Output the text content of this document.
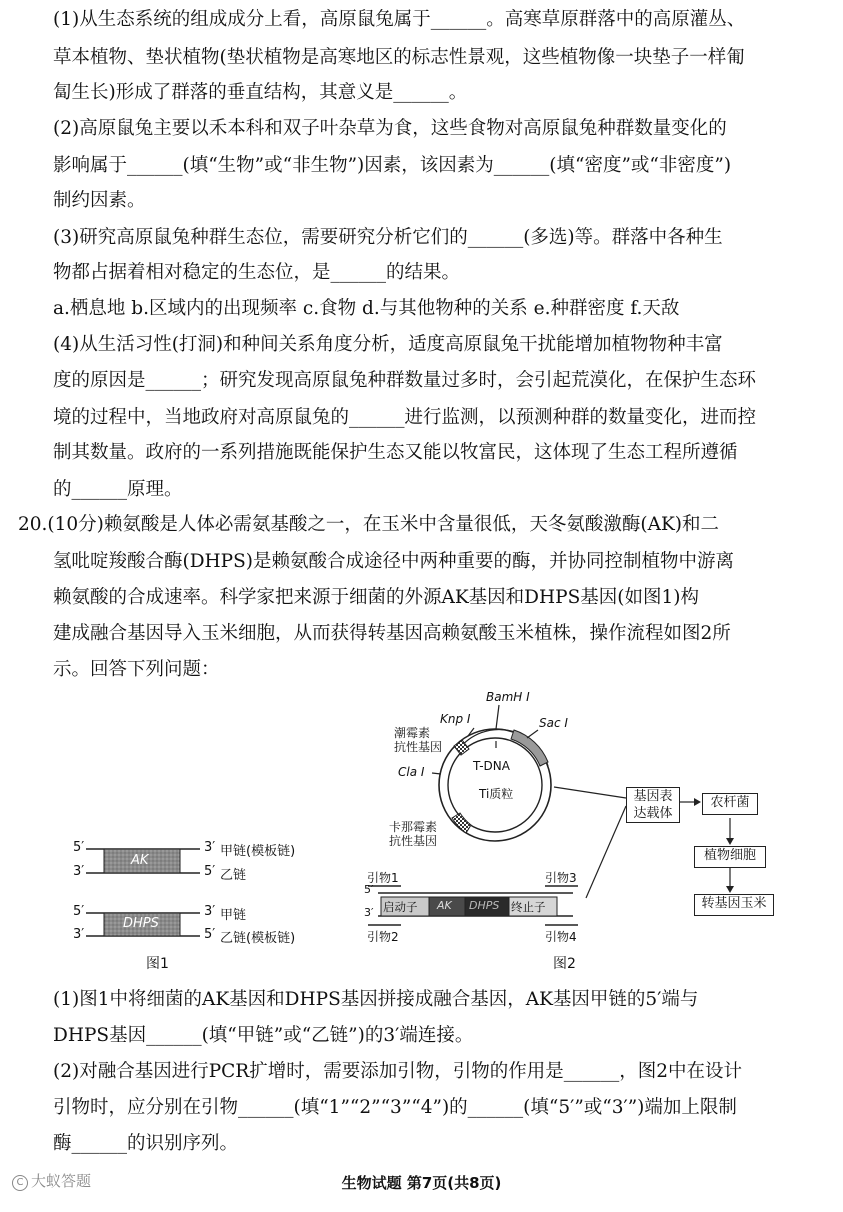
(1)从生态系统的组成成分上看，高原鼠兔属于______。高寒草原群落中的高原灌丛、
草本植物、垫状植物(垫状植物是高寒地区的标志性景观，这些植物像一块垫子一样匍
匐生长)形成了群落的垂直结构，其意义是______。
(2)高原鼠兔主要以禾本科和双子叶杂草为食，这些食物对高原鼠兔种群数量变化的
影响属于______(填“生物”或“非生物”)因素，该因素为______(填“密度”或“非密度”)
制约因素。
(3)研究高原鼠兔种群生态位，需要研究分析它们的______(多选)等。群落中各种生
物都占据着相对稳定的生态位，是______的结果。
a.栖息地 b.区域内的出现频率 c.食物 d.与其他物种的关系 e.种群密度 f.天敌
(4)从生活习性(打洞)和种间关系角度分析，适度高原鼠兔干扰能增加植物物种丰富
度的原因是______；研究发现高原鼠兔种群数量过多时，会引起荒漠化，在保护生态环
境的过程中，当地政府对高原鼠兔的______进行监测，以预测种群的数量变化，进而控
制其数量。政府的一系列措施既能保护生态又能以牧富民，这体现了生态工程所遵循
的______原理。
20.(10分)赖氨酸是人体必需氨基酸之一，在玉米中含量很低，天冬氨酸激酶(AK)和二
氢吡啶羧酸合酶(DHPS)是赖氨酸合成途径中两种重要的酶，并协同控制植物中游离
赖氨酸的合成速率。科学家把来源于细菌的外源AK基因和DHPS基因(如图1)构
建成融合基因导入玉米细胞，从而获得转基因高赖氨酸玉米植株，操作流程如图2所
示。回答下列问题：
5′
3′
3′
5′
甲链(模板链)
乙链
AK
5′
3′
3′
5′
甲链
乙链(模板链)
DHPS
图1
Knp Ⅰ
BamH Ⅰ
Sac Ⅰ
Cla Ⅰ
潮霉素
抗性基因
卡那霉素
抗性基因
T-DNA
Ti质粒
引物1
引物2
引物3
引物4
5′
3′ 启动子 AK DHPS 终止子
基因表达载体
农杆菌
植物细胞
转基因玉米
图2
(1)图1中将细菌的AK基因和DHPS基因拼接成融合基因，AK基因甲链的5′端与
DHPS基因______(填“甲链”或“乙链”)的3′端连接。
(2)对融合基因进行PCR扩增时，需要添加引物，引物的作用是______，图2中在设计
引物时，应分别在引物______(填“1”“2”“3”“4”)的______(填“5′”或“3′”)端加上限制
酶______的识别序列。
生物试题 第7页(共8页)
C 大蚁答题
